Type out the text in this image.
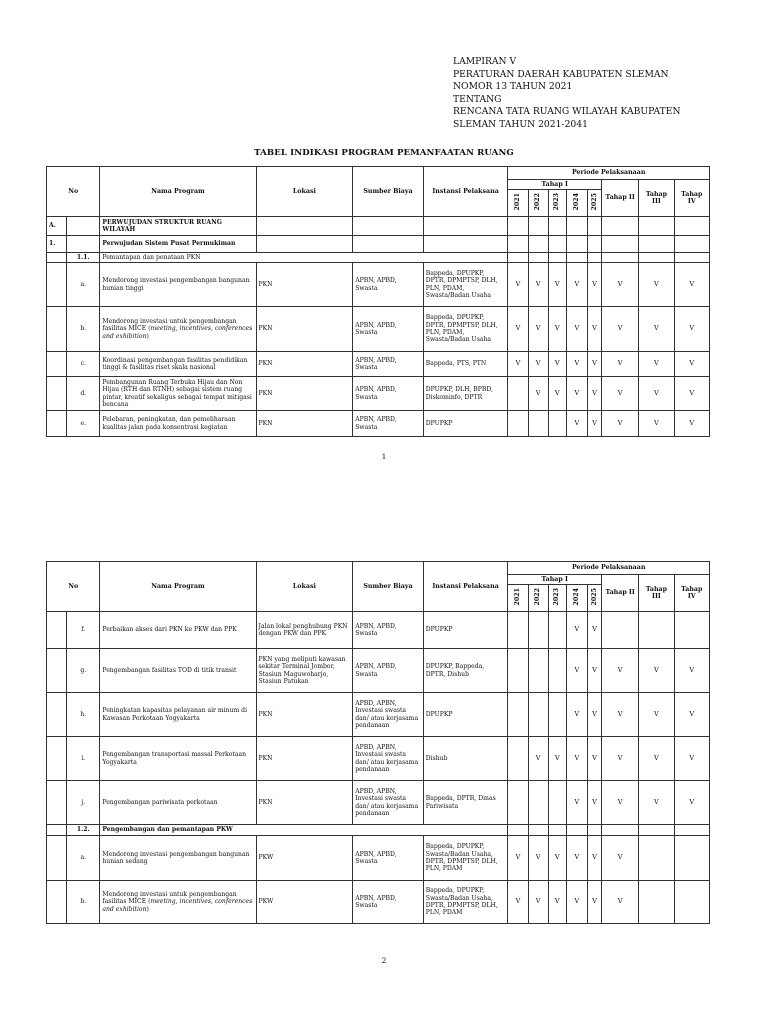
LAMPIRAN V
PERATURAN DAERAH KABUPATEN SLEMAN
NOMOR 13 TAHUN 2021
TENTANG
RENCANA TATA RUANG WILAYAH KABUPATEN
SLEMAN TAHUN 2021-2041
TABEL INDIKASI PROGRAM PEMANFAATAN RUANG
No		Nama Program	Lokasi	Sumber Biaya	Instansi Pelaksana	Periode Pelaksanaan							
						Tahap I					Tahap II	Tahap III	Tahap IV
						2021	2022	2023	2024	2025			
A.		PERWUJUDAN STRUKTUR RUANG WILAYAH											
1.		Perwujudan Sistem Pusat Permukiman											
	1.1.	Pemantapan dan penataan PKN											
	a.	Mendorong investasi pengembangan bangunan hunian tinggi	PKN	APBN, APBD, Swasta	Bappeda, DPUPKP, DPTR, DPMPTSP, DLH, PLN, PDAM, Swasta/Badan Usaha	V	V	V	V	V	V	V	V
	b.	Mendorong investasi untuk pengembangan fasilitas MICE (meeting, incentives, conferences and exhibition)	PKN	APBN, APBD, Swasta	Bappeda, DPUPKP, DPTR, DPMPTSP, DLH, PLN, PDAM, Swasta/Badan Usaha	V	V	V	V	V	V	V	V
	c.	Koordinasi pengembangan fasilitas pendidikan tinggi & fasilitas riset skala nasional	PKN	APBN, APBD, Swasta	Bappeda, PTS, PTN	V	V	V	V	V	V	V	V
	d.	Pembangunan Ruang Terbuka Hijau dan Non Hijau (RTH dan RTNH) sebagai sistem ruang pintar, kreatif sekaligus sebagai tempat mitigasi bencana	PKN	APBN, APBD, Swasta	DPUPKP, DLH, BPBD, Diskominfo, DPTR		V	V	V	V	V	V	V
	e.	Pelebaran, peningkatan, dan pemeliharaan kualitas jalan pada konsentrasi kegiatan	PKN	APBN, APBD, Swasta	DPUPKP				V	V	V	V	V
1
No		Nama Program	Lokasi	Sumber Biaya	Instansi Pelaksana	Periode Pelaksanaan							
						Tahap I					Tahap II	Tahap III	Tahap IV
						2021	2022	2023	2024	2025			
	f.	Perbaikan akses dari PKN ke PKW dan PPK	Jalan lokal penghubung PKN dengan PKW dan PPK	APBN, APBD, Swasta	DPUPKP				V	V			
	g.	Pengembangan fasilitas TOD di titik transit	PKN yang meliputi kawasan sekitar Terminal Jombor, Stasiun Maguwoharjo, Stasiun Patukan	APBN, APBD, Swasta	DPUPKP, Bappeda, DPTR, Dishub				V	V	V	V	V
	h.	Peningkatan kapasitas pelayanan air minum di Kawasan Perkotaan Yogyakarta	PKN	APBD, APBN, Investasi swasta dan/ atau kerjasama pendanaan	DPUPKP				V	V	V	V	V
	i.	Pengembangan transportasi massal Perkotaan Yogyakarta	PKN	APBD, APBN, Investasi swasta dan/ atau kerjasama pendanaan	Dishub		V	V	V	V	V	V	V
	j.	Pengembangan pariwisata perkotaan	PKN	APBD, APBN, Investasi swasta dan/ atau kerjasama pendanaan	Bappeda, DPTR, Dinas Pariwisata				V	V	V	V	V
	1.2.	Pengembangan dan pemantapan PKW											
	a.	Mendorong investasi pengembangan bangunan hunian sedang	PKW	APBN, APBD, Swasta	Bappeda, DPUPKP, Swasta/Badan Usaha, DPTR, DPMPTSP, DLH, PLN, PDAM	V	V	V	V	V	V		
	b.	Mendorong investasi untuk pengembangan fasilitas MICE (meeting, incentives, conferences and exhibition)	PKW	APBN, APBD, Swasta	Bappeda, DPUPKP, Swasta/Badan Usaha, DPTR, DPMPTSP, DLH, PLN, PDAM	V	V	V	V	V	V		
2
